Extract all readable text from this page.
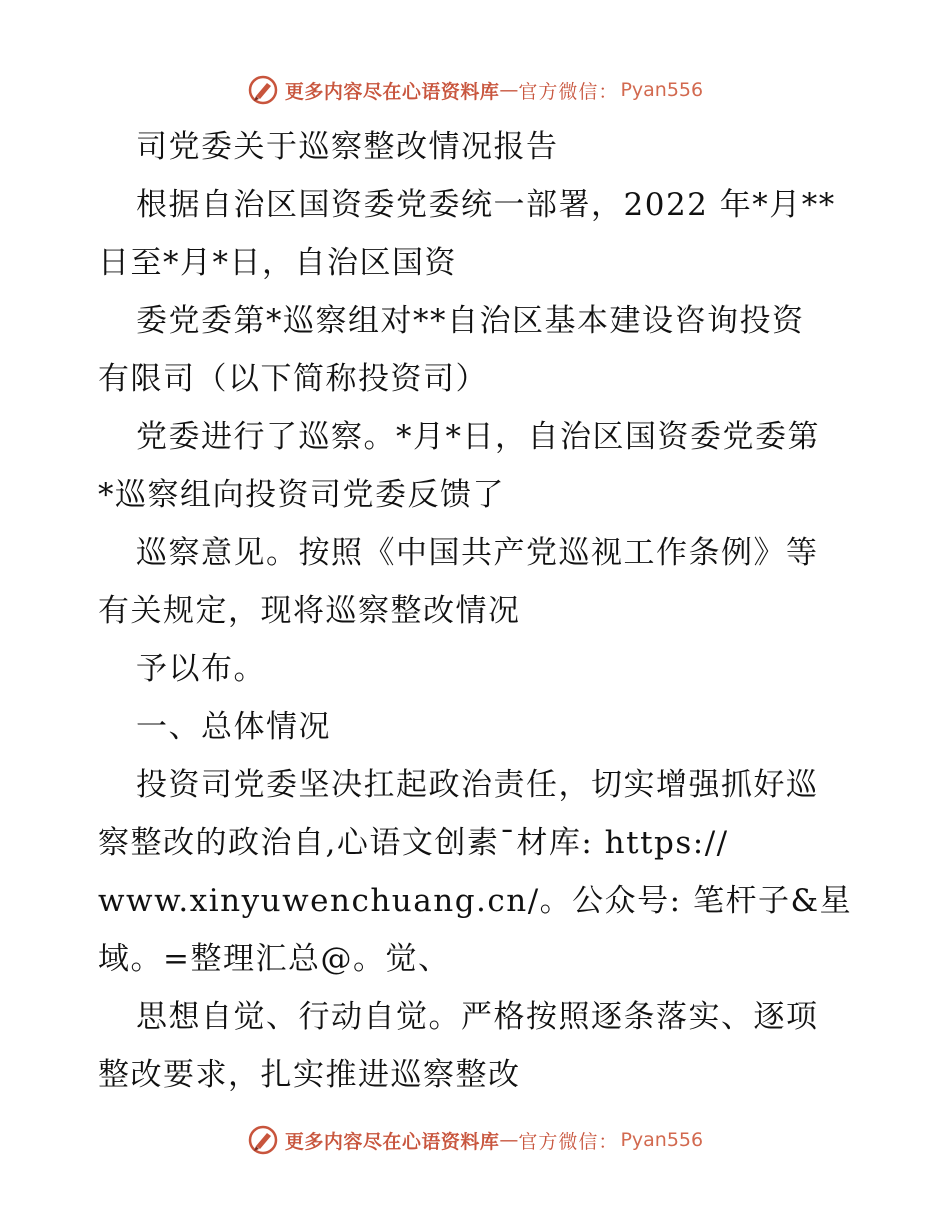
更多内容尽在心语资料库 — 官方微信： Pyan556
司党委关于巡察整改情况报告
根据自治区国资委党委统一部署，2022 年*月**
日至*月*日，自治区国资
委党委第*巡察组对**自治区基本建设咨询投资
有限司（以下简称投资司）
党委进行了巡察。*月*日，自治区国资委党委第
*巡察组向投资司党委反馈了
巡察意见。按照《中国共产党巡视工作条例》等
有关规定，现将巡察整改情况
予以布。
一、总体情况
投资司党委坚决扛起政治责任，切实增强抓好巡
察整改的政治自,心语文创素¯材库: https://
www.xinyuwenchuang.cn/。公众号: 笔杆子&星
域。=整理汇总@。觉、
思想自觉、行动自觉。严格按照逐条落实、逐项
整改要求，扎实推进巡察整改
更多内容尽在心语资料库 — 官方微信： Pyan556
